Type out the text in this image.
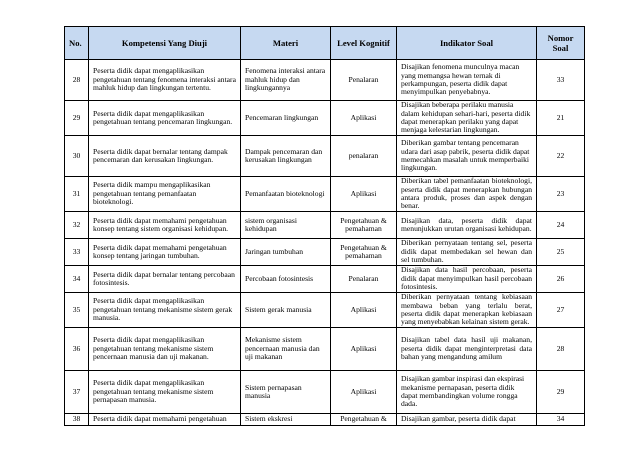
No.	Kompetensi Yang Diuji	Materi	Level Kognitif	Indikator Soal	Nomor Soal
28	Peserta didik dapat mengaplikasikan pengetahuan tentang fenomena interaksi antara mahluk hidup dan lingkungan tertentu.	Fenomena interaksi antara mahluk hidup dan lingkungannya	Penalaran	Disajikan fenomena munculnya macan yang memangsa hewan ternak di perkampungan, peserta didik dapat menyimpulkan penyebabnya.	33
29	Peserta didik dapat mengaplikasikan pengetahuan tentang pencemaran lingkungan.	Pencemaran lingkungan	Aplikasi	Disajikan beberapa perilaku manusia dalam kehidupan sehari-hari, peserta didik dapat menerapkan perilaku yang dapat menjaga kelestarian lingkungan.	21
30	Peserta didik dapat bernalar tentang dampak pencemaran dan kerusakan lingkungan.	Dampak pencemaran dan kerusakan lingkungan	penalaran	Diberikan gambar tentang pencemaran udara dari asap pabrik, peserta didik dapat memecahkan masalah untuk memperbaiki lingkungan.	22
31	Peserta didik mampu mengaplikasikan pengetahuan tentang pemanfaatan bioteknologi.	Pemanfaatan bioteknologi	Aplikasi	Diberikan tabel pemanfaatan bioteknologi, peserta didik dapat menerapkan hubungan antara produk, proses dan aspek dengan benar.	23
32	Peserta didik dapat memahami pengetahuan konsep tentang sistem organisasi kehidupan.	sistem organisasi kehidupan	Pengetahuan & pemahaman	Disajikan data, peserta didik dapat menunjukkan urutan organisasi kehidupan.	24
33	Peserta didik dapat memahami pengetahuan konsep tentang jaringan tumbuhan.	Jaringan tumbuhan	Pengetahuan & pemahaman	Diberikan pernyataan tentang sel, peserta didik dapat membedakan sel hewan dan sel tumbuhan.	25
34	Peserta didik dapat bernalar tentang percobaan fotosintesis.	Percobaan fotosintesis	Penalaran	Disajikan data hasil percobaan, peserta didik dapat menyimpulkan hasil percobaan fotosintesis.	26
35	Peserta didik dapat mengaplikasikan pengetahuan tentang mekanisme sistem gerak manusia.	Sistem gerak manusia	Aplikasi	Diberikan pernyataan tentang kebiasaan membawa beban yang terlalu berat, peserta didik dapat menerapkan kebiasaan yang menyebabkan kelainan sistem gerak.	27
36	Peserta didik dapat mengaplikasikan pengetahuan tentang mekanisme sistem pencernaan manusia dan uji makanan.	Mekanisme sistem pencernaan manusia dan uji makanan	Aplikasi	Disajikan tabel data hasil uji makanan, peserta didik dapat menginterpretasi data bahan yang mengandung amilum	28
37	Peserta didik dapat mengaplikasikan pengetahuan tentang mekanisme sistem pernapasan manusia.	Sistem pernapasan manusia	Aplikasi	Disajikan gambar inspirasi dan ekspirasi mekanisme pernapasan, peserta didik dapat membandingkan volume rongga dada.	29
38	Peserta didik dapat memahami pengetahuan	Sistem ekskresi	Pengetahuan &	Disajikan gambar, peserta didik dapat	34
